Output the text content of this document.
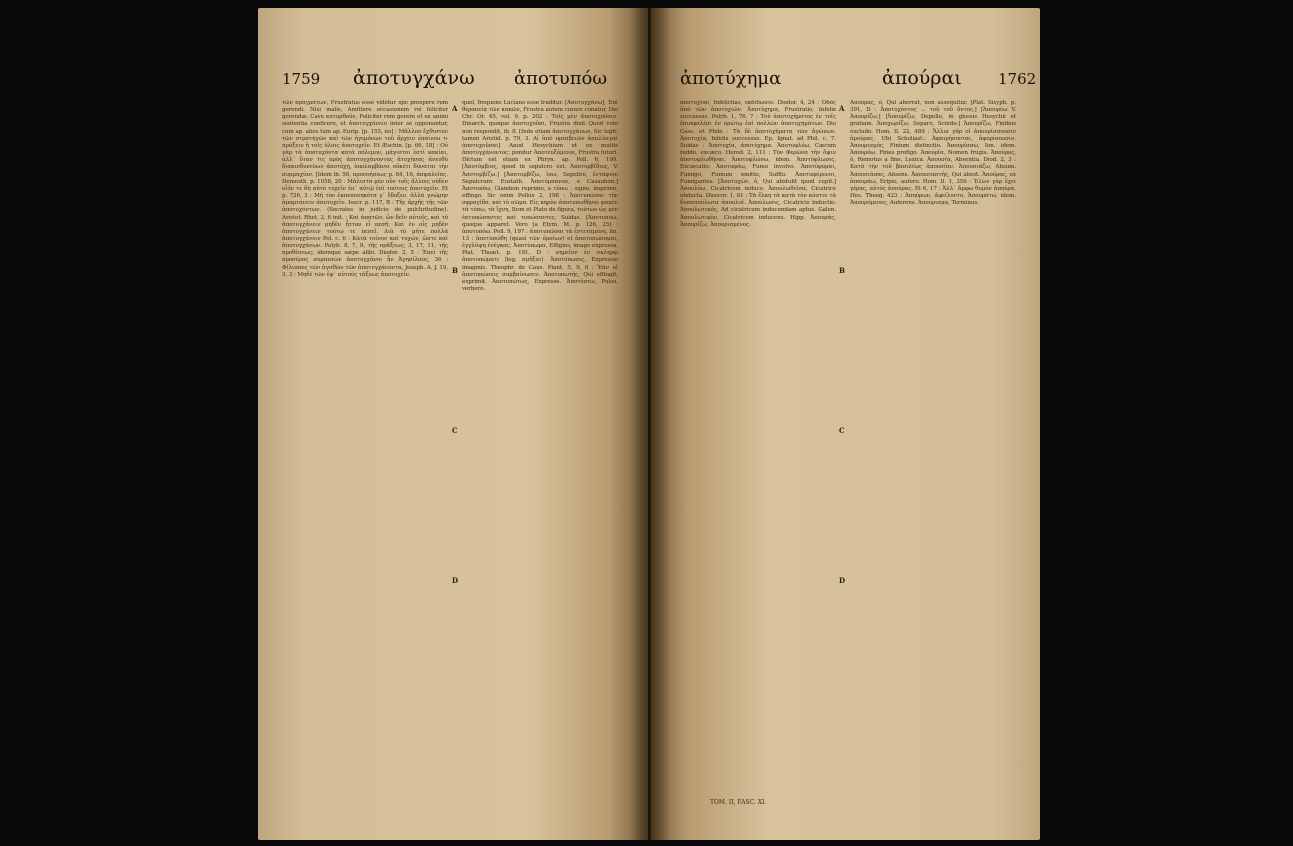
1759 ἀποτυγχάνω ἀποτυπόω

τῶν πραγμάτων, Frustratus esse videtur spe prospere rem gerendi. Nisi malis, Amittere occasionem rei feliciter gerendæ. Cave κατορθοῦν, Feliciter rem gerere et ex animi sententia conficere, et ἀποτυγχάνειν inter se opponantur, cum ap. alios tum ap. Eurip. [p. 155, no] : Μᾶλλον ἔχθιστον τῶν στρατηγῶν καὶ τῶν ἡγεμόνων τοῦ ἄρχειν ἐπαίνου τι πράξειν ἢ τοῖς ὅλοις ἀποτυχεῖν. Et Æschin. [p. 66, 18] : Οὐ γὰρ τὰ ἀποτυχόντα κατὰ πόλεμον, μάγιστοι ἐστὶ κακίαι, ἀλλ᾽ ὅταν τις πρὸς ἀποτυγχάνοντας ἀτυχήσας ἀνευθὺ διακινδυνεύων ἀποτύχῃ, ὑπολαμβάνει οὐκέτι δύναται τὴν συμμαχίαν. [Idem ib. 50, προνοήσεως p. 84, 16, ἀσφαλείας. Demosth. p. 1058, 20 : Μάλιστα μὲν οὖν τοῖς ἄλλοις οὐδὲν οἷόν τε δὴ αὐτὸ τυχεῖν ἐπ᾽ αὐτῷ ἐπὶ τούτοις ἀποτυχεῖν. Et p. 726, 3 : Μὴ τὸν ἐκπεπονηκότα γ᾽ ἔδοξεν, ἀλλὰ γνώμην ἁμαρτάνειν ἀποτυχεῖν. Isocr. p. 117, B : Τῆς ἀρχῆς τῆς τῶν ἀποτυχόντων. (Socrates in judicio de pulchritudine). Aristot. Rhet. 2, 6 init. : Καὶ ἀπατῶν, ὧν δεῖν αὐτοῖς, καὶ τὸ ἀποτυγχάνειν μηδὲν ἧττον εἶ πεσῆ: Καὶ ἐν οἷς μηδὲν ἀποτυγχάνειν τούτω τε πεσεῖ. Διὰ τὸ μήτε πολλὰ ἀποτυγχάνειν Pol. c. 6 : Κατὰ τοίνυν καὶ τυχών, ὥστε καὶ ἀποτυγχάνων. Polyb. 8, 7, 9, τῆς πρᾶξεως; 3, 17, 11, τῆς προθέσεως; idemque sæpe alibi. Diodor. 2, 5 : Ἐπεὶ τῆς προσέρας συμπεσὼν ἀποτυγχάνοι ἦν Ἀγησίλαος, 36 : Φίλιππος τῶν ἀγαθῶν τῶν ἀποτυγχάνοντα, Joseph. A. J. 19, 3, 3 : Μηδὲ τῶν ἐφ᾽ αὐτοὺς τάξεως ἀποτυχεῖν.

A
B
C
D

quel, frequens Luciano esse traditur. [Ἀποτυγχάνω], Ἐπὶ θεραπείᾳ τῶν κακῶν, Frustra autem curare conatur, Dio Chr. Or. 45, vol. 9, p. 202 : Τοῖς μὲν ἀποτυχοῦσιν. Dinarch. quoque ἀποτυχοῦσι, Frustra dixit Quod voto non respondit, ib. 8. [Inde etiam ἀποτυγχάνων, Sic legit: tamen Aristid. p. 79, 3. Αἱ ἀπὸ πρεσβειῶν ἀπαλλαγαὶ ἀποτυχοῦσαι] Aπod Hesychium et ex multis ἀποτυγχάνοντος: ponitur Ἀποτευξόμενοι, Frustra futuri. Dictum est etiam ex Phryn. ap. Poll. 6, 199. [Ἀποτύμβιος, quod in sepulcro est. Ἀποτυμβίδιος, V. Ἀποτυμβίζω.] [Ἀποτυμβίζω, ἰσω, Sepelire, ἐντάφιον Sepulcrum: Eustath. Ἀποτύμπανον, e Casaubon.] Ἀποτυπόω, Glandem reprimo, a τύπω : signo, imprimo, effingo. Sic enim Pollux 2, 198 : Ἀποτυπῶσαι τὴν σφραγίδα, καὶ τὸ σῶμα. Εἰς κηρὸν ἀποτυπωθῆναι φαμὲν τὰ τύπω, τὰ ἴχνη, Item et Plato de figura, τούτων ὡς μὲν ἐκτυπώσαντες καὶ τυπώσαντες, Suidas. [Ἀποτυπόω, quoque apparet. Vero [a Etym. M. p. 126, 25] : ἀποτυπόω. Poll. 9, 197 : ἀποτυπῶσαι τὰ ἐντεταμένα, lin. 13 : ἀπετυπώθη (quasi τῶν ὁμοίων) et ἀποτυπώσομαι, ἐγγλύψη ἐνέγκας. Ἀποτύπωμα, Effigies, imago expressa. Plat. Theæt. p. 191, D : σημεῖον ἐν σκληρῷ ἀποτυπώματι (leg. σμῆξαι). Ἀποτύπωσις, Expressio imaginis. Theophr. de Caus. Plant. 5, 9, 6 : Ἐάν οἱ ἀποτυπώσεις συμβαίνωσιν. Ἀποτυπωτής, Qui effingit, exprimit. Ἀποτυπώτως, Expresse. Ἀποτύπτω, Pulso, verbero.

ἀποτύχημα	ἀπούραι 1762

ἀποτυχίαν, Infelicitas, ἐκδίδωσιν. Diodor. 4, 24 : Ὁδὸς ἀπὸ τῶν ἀποτυχιῶν. Ἀποτύχημα, Frustratio, Infelix successus. Polyb. 1, 76, 7 : Τοῦ ἀποτυχήματος ἐν τοῖς ἐπισφαλέσι ἐν πρώτῳ ἐπὶ πολλῶν ἀποτυχημάτων. Dio Cass. et Philo : Τὰ δὲ ἀποτυχήματα τῶν ἀγώνων. Ἀποτυχία, Infelix successus. Ep. Ignat. ad Phil. c. 7. Suidas : Ἀποτυχία, ἀποτύχημα. Ἀποτυφλόω, Cæcum reddo, excæco. Herod. 2, 111 : Τὸν Φερῶνα τὴν ὄψιν ἀποτυφλωθῆναι. Ἀποτυφλώνω, idem. Ἀποτύφλωσις, Excæcatio. Ἀποτυφόω, Fumo involvo. Ἀποτύφομαι, Fumigo, Fumum emitto, Sufflo. Ἀποτυφόμενοι, Fumigantes. [Ἀποτυχών, ὁ, Qui abstulit quod cupit.] Ἀπουλόω, Cicatricem induco. Ἀπουλωθεῖσα, Cicatrice obducta. Dioscor. 1, 81 : Τὰ ἕλκη τὰ κατὰ τὸν κύστιν τὰ δυσαπούλωτα ἀπουλοῖ. Ἀπούλωσις, Cicatricis inductio. Ἀπουλωτικός, Ad cicatricem inducendam aptus. Galen. Ἀπουλωτικὸν, Cicatricem inducens. Hipp. Ἀπουράς, Ἀπουρίζω, Ἀπουρισμένος.

A
B
C
D

Ἀπούρας, ὁ, Qui aberrat, non assequitur. [Plat. Sisyph. p. 391, D : Ἀποτυχόντος ... τοῦ τοῦ ὄντος.] [Ἀπουρέω V. Ἀπουρίζω.] [Ἀπουρίζω, Depello, in glossis Hesychii et gratiam. Ἀποχωρίζω, Separo, Scindo.] Ἀπουρίζω, Finibus excludo. Hom. Il. 22, 489 : Ἄλλοι γάρ οἱ ἀπουρίσσουσιν ἀρούρας. Ubi Scholiast.: Ἀφαιρήσονται, ἀφορίσουσιν. Ἀπουρισμός, Finium distinctio. Ἀπουρίσσω, Ion. idem. Ἀπουρόω, Fines prefigo. Ἀπουρία, Nomen frugis. Ἀπούρος, ὁ, Remotus a fine, Lexica. Ἀπουσία, Absentia. Diod. 2, 3 : Κατὰ τὴν τοῦ βασιλέως ἀπουσίαν. Ἀπουσιάζω, Absum. Ἀπουσιάσας, Absens. Ἀπουσιαστής, Qui abest. Ἀπούρας, ex ἀπαυράω, Eripio, aufero. Hom. Il. 1, 356 : Ἑλὼν γὰρ ἔχει γέρας, αὐτὸς ἀπούρας. Et 6, 17 : Ἀλλ᾽ ἄμφω θυμὸν ἀπηύρα. Hes. Theog. 423 : Ἀπηύρων, ἀφείλοντο. Ἀπουράτω, idem. Ἀπουρόμενος, Auferens. Ἀπούρισμα, Terminus.

TOM. II, FASC. XI.
